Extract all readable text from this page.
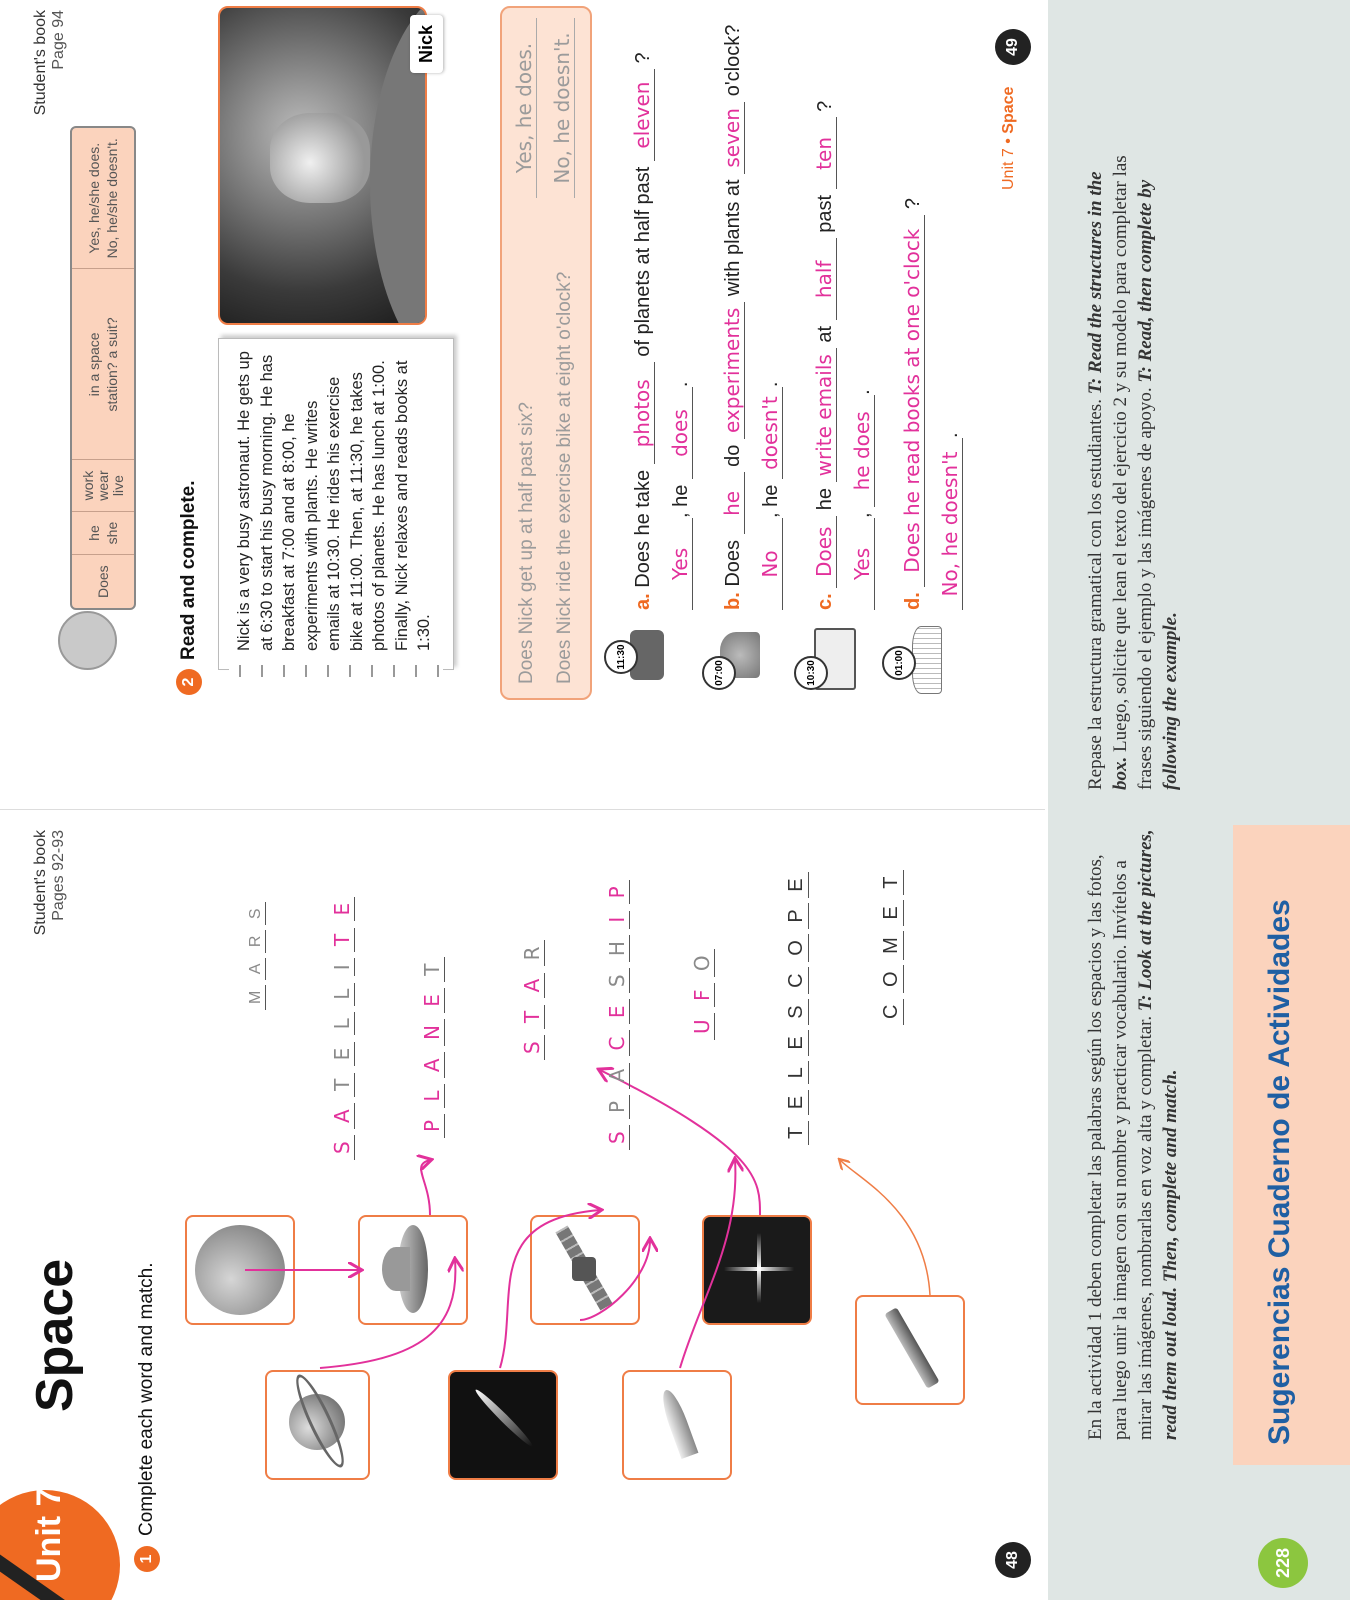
Unit 7
Space
Student's book Pages 92-93
1
Complete each word and match.
M A R S
S A T E L L I T E
P L A N E T
S T A R
S P A C E S H I P
U F O
T E L E S C O P E
C O M E T
48
Student's book Page 94
Does
he she
work wear live
in a space station? a suit?
Yes, he/she does. No, he/she doesn't.
2
Read and complete. Nick is a very busy astronaut. He gets up at 6:30 to start his busy morning. He has breakfast at 7:00 and at 8:00, he experiments with plants. He writes emails at 10:30. He rides his exercise bike at 11:00. Then, at 11:30, he takes photos of planets. He has lunch at 1:00. Finally, Nick relaxes and reads books at 1:30.
Nick
Does Nick get up at half past six?
Yes, he does.
Does Nick ride the exercise bike at eight o'clock?
No, he doesn't.
11:30
a. Does he take photos of planets at half past eleven ?
Yes, he does.
07:00
b. Does he do experiments with plants at seven o'clock?
No, he doesn't.
10:30
c. Does he write emails at half past ten ?
Yes, he does.
01:00
d. Does he read books at one o'clock ?
No, he doesn't.
Unit 7 • Space
49
228
Sugerencias Cuaderno de Actividades
En la actividad 1 deben completar las palabras según los espacios y las fotos, para luego unir la imagen con su nombre y practicar vocabulario. Invítelos a mirar las imágenes, nombrarlas en voz alta y completar. T: Look at the pictures, read them out loud. Then, complete and match.
Repase la estructura gramatical con los estudiantes. T: Read the structures in the box. Luego, solicite que lean el texto del ejercicio 2 y su modelo para completar las frases siguiendo el ejemplo y las imágenes de apoyo. T: Read, then complete by following the example.
